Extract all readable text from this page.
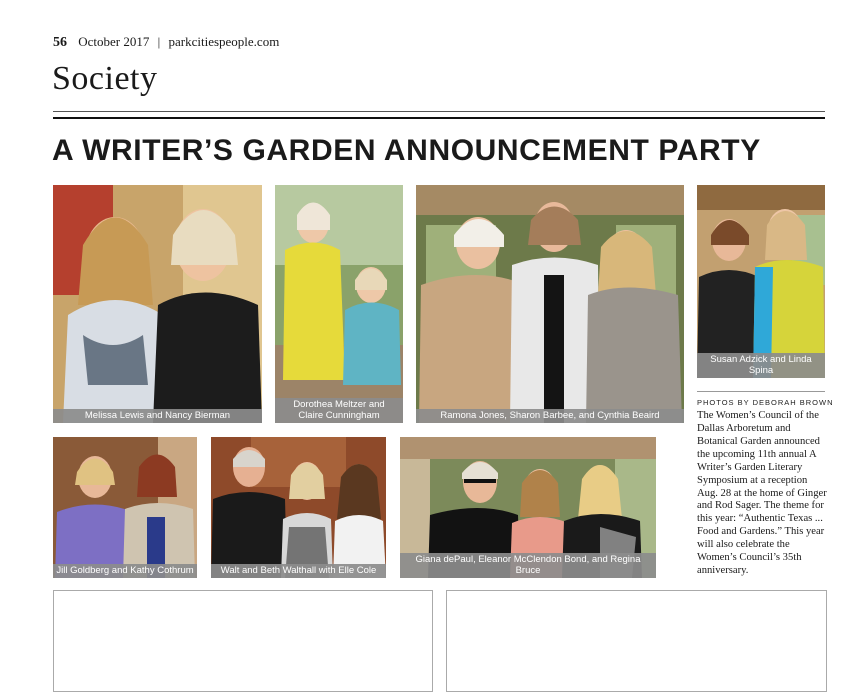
56 October 2017 | parkcitiespeople.com
Society
A WRITER’S GARDEN ANNOUNCEMENT PARTY
Melissa Lewis and Nancy Bierman
Dorothea Meltzer and
Claire Cunningham	Ramona Jones, Sharon Barbee, and Cynthia Beaird
Susan Adzick and Linda Spina
Jill Goldberg and Kathy Cothrum	Walt and Beth Walthall with Elle Cole
Giana dePaul, Eleanor McClendon Bond, and Regina Bruce
PHOTOS BY DEBORAH BROWN
The Women’s Council of the Dallas Arboretum and Botanical Garden announced the upcoming 11th annual A Writer’s Garden Literary Symposium at a reception Aug. 28 at the home of Ginger and Rod Sager. The theme for this year: “Authentic Texas ... Food and Gardens.” This year will also celebrate the Women’s Council’s 35th anniversary.
